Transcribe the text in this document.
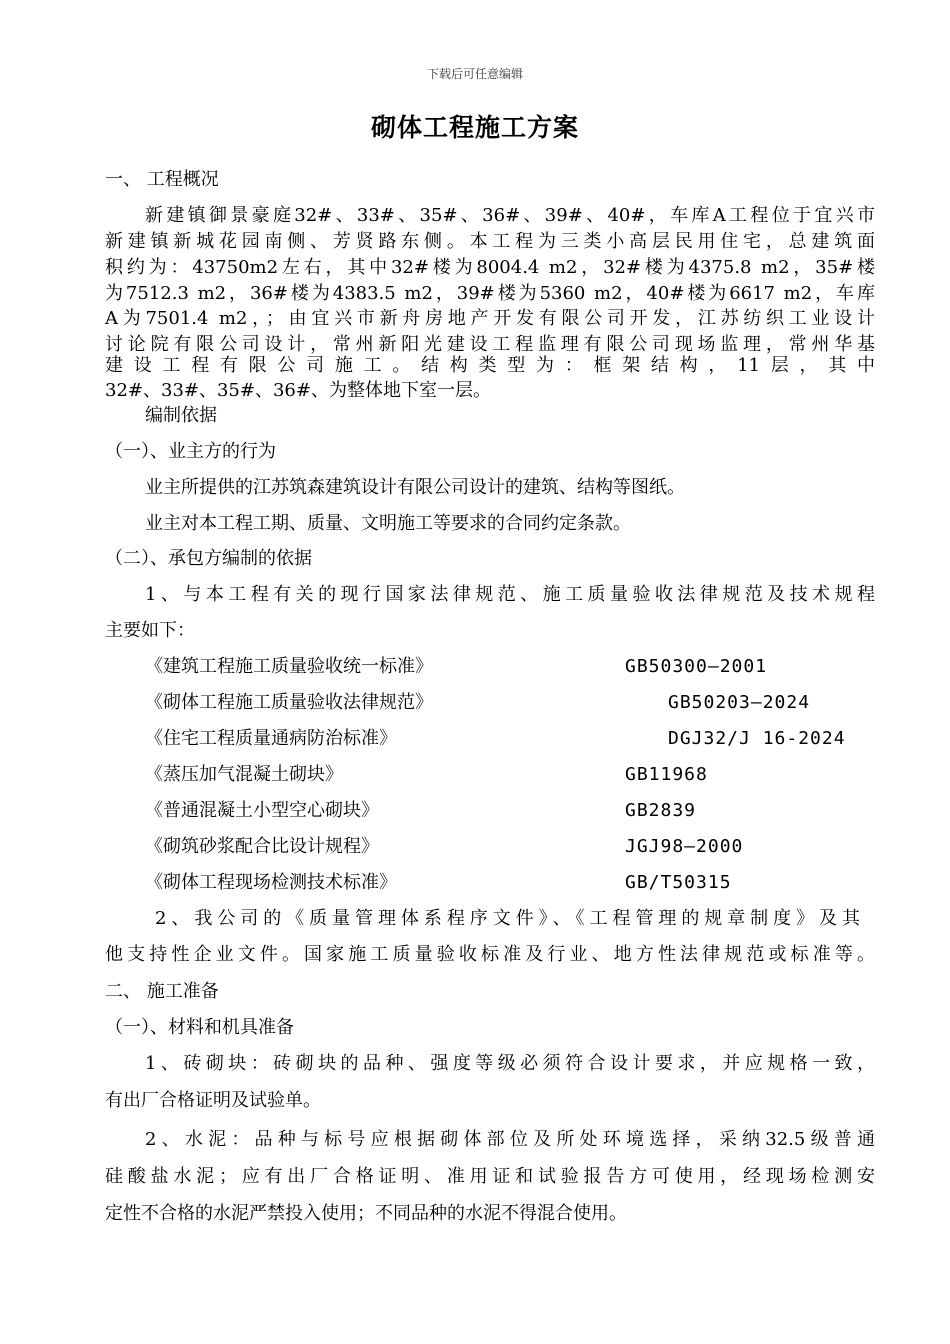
下载后可任意编辑
砌体工程施工方案
一、 工程概况
新建镇御景豪庭32#、33#、35#、36#、39#、40#，车库A工程位于宜兴市
新建镇新城花园南侧、芳贤路东侧。本工程为三类小高层民用住宅，总建筑面
积约为：43750m2左右，其中32#楼为8004.4 m2，32#楼为4375.8 m2，35#楼
为7512.3 m2，36#楼为4383.5 m2，39#楼为5360 m2，40#楼为6617 m2，车库
A为7501.4 m2，；由宜兴市新舟房地产开发有限公司开发，江苏纺织工业设计
讨论院有限公司设计，常州新阳光建设工程监理有限公司现场监理，常州华基
建设工程有限公司施工。结构类型为：框架结构，11层，其中
32#、33#、35#、36#、为整体地下室一层。
编制依据
（一）、业主方的行为
业主所提供的江苏筑森建筑设计有限公司设计的建筑、结构等图纸。
业主对本工程工期、质量、文明施工等要求的合同约定条款。
（二）、承包方编制的依据
1、与本工程有关的现行国家法律规范、施工质量验收法律规范及技术规程
主要如下：
《建筑工程施工质量验收统一标准》	GB50300—2001
《砌体工程施工质量验收法律规范》	GB50203—2024
《住宅工程质量通病防治标准》	DGJ32/J 16-2024
《蒸压加气混凝土砌块》	GB11968
《普通混凝土小型空心砌块》	GB2839
《砌筑砂浆配合比设计规程》	JGJ98—2000
《砌体工程现场检测技术标准》	GB/T50315
2、我公司的《质量管理体系程序文件》、《工程管理的规章制度》及其
他支持性企业文件。国家施工质量验收标准及行业、地方性法律规范或标准等。
二、 施工准备
（一）、材料和机具准备
1、砖砌块：砖砌块的品种、强度等级必须符合设计要求，并应规格一致，
有出厂合格证明及试验单。
2、水泥：品种与标号应根据砌体部位及所处环境选择，采纳32.5级普通
硅酸盐水泥；应有出厂合格证明、准用证和试验报告方可使用，经现场检测安
定性不合格的水泥严禁投入使用；不同品种的水泥不得混合使用。
